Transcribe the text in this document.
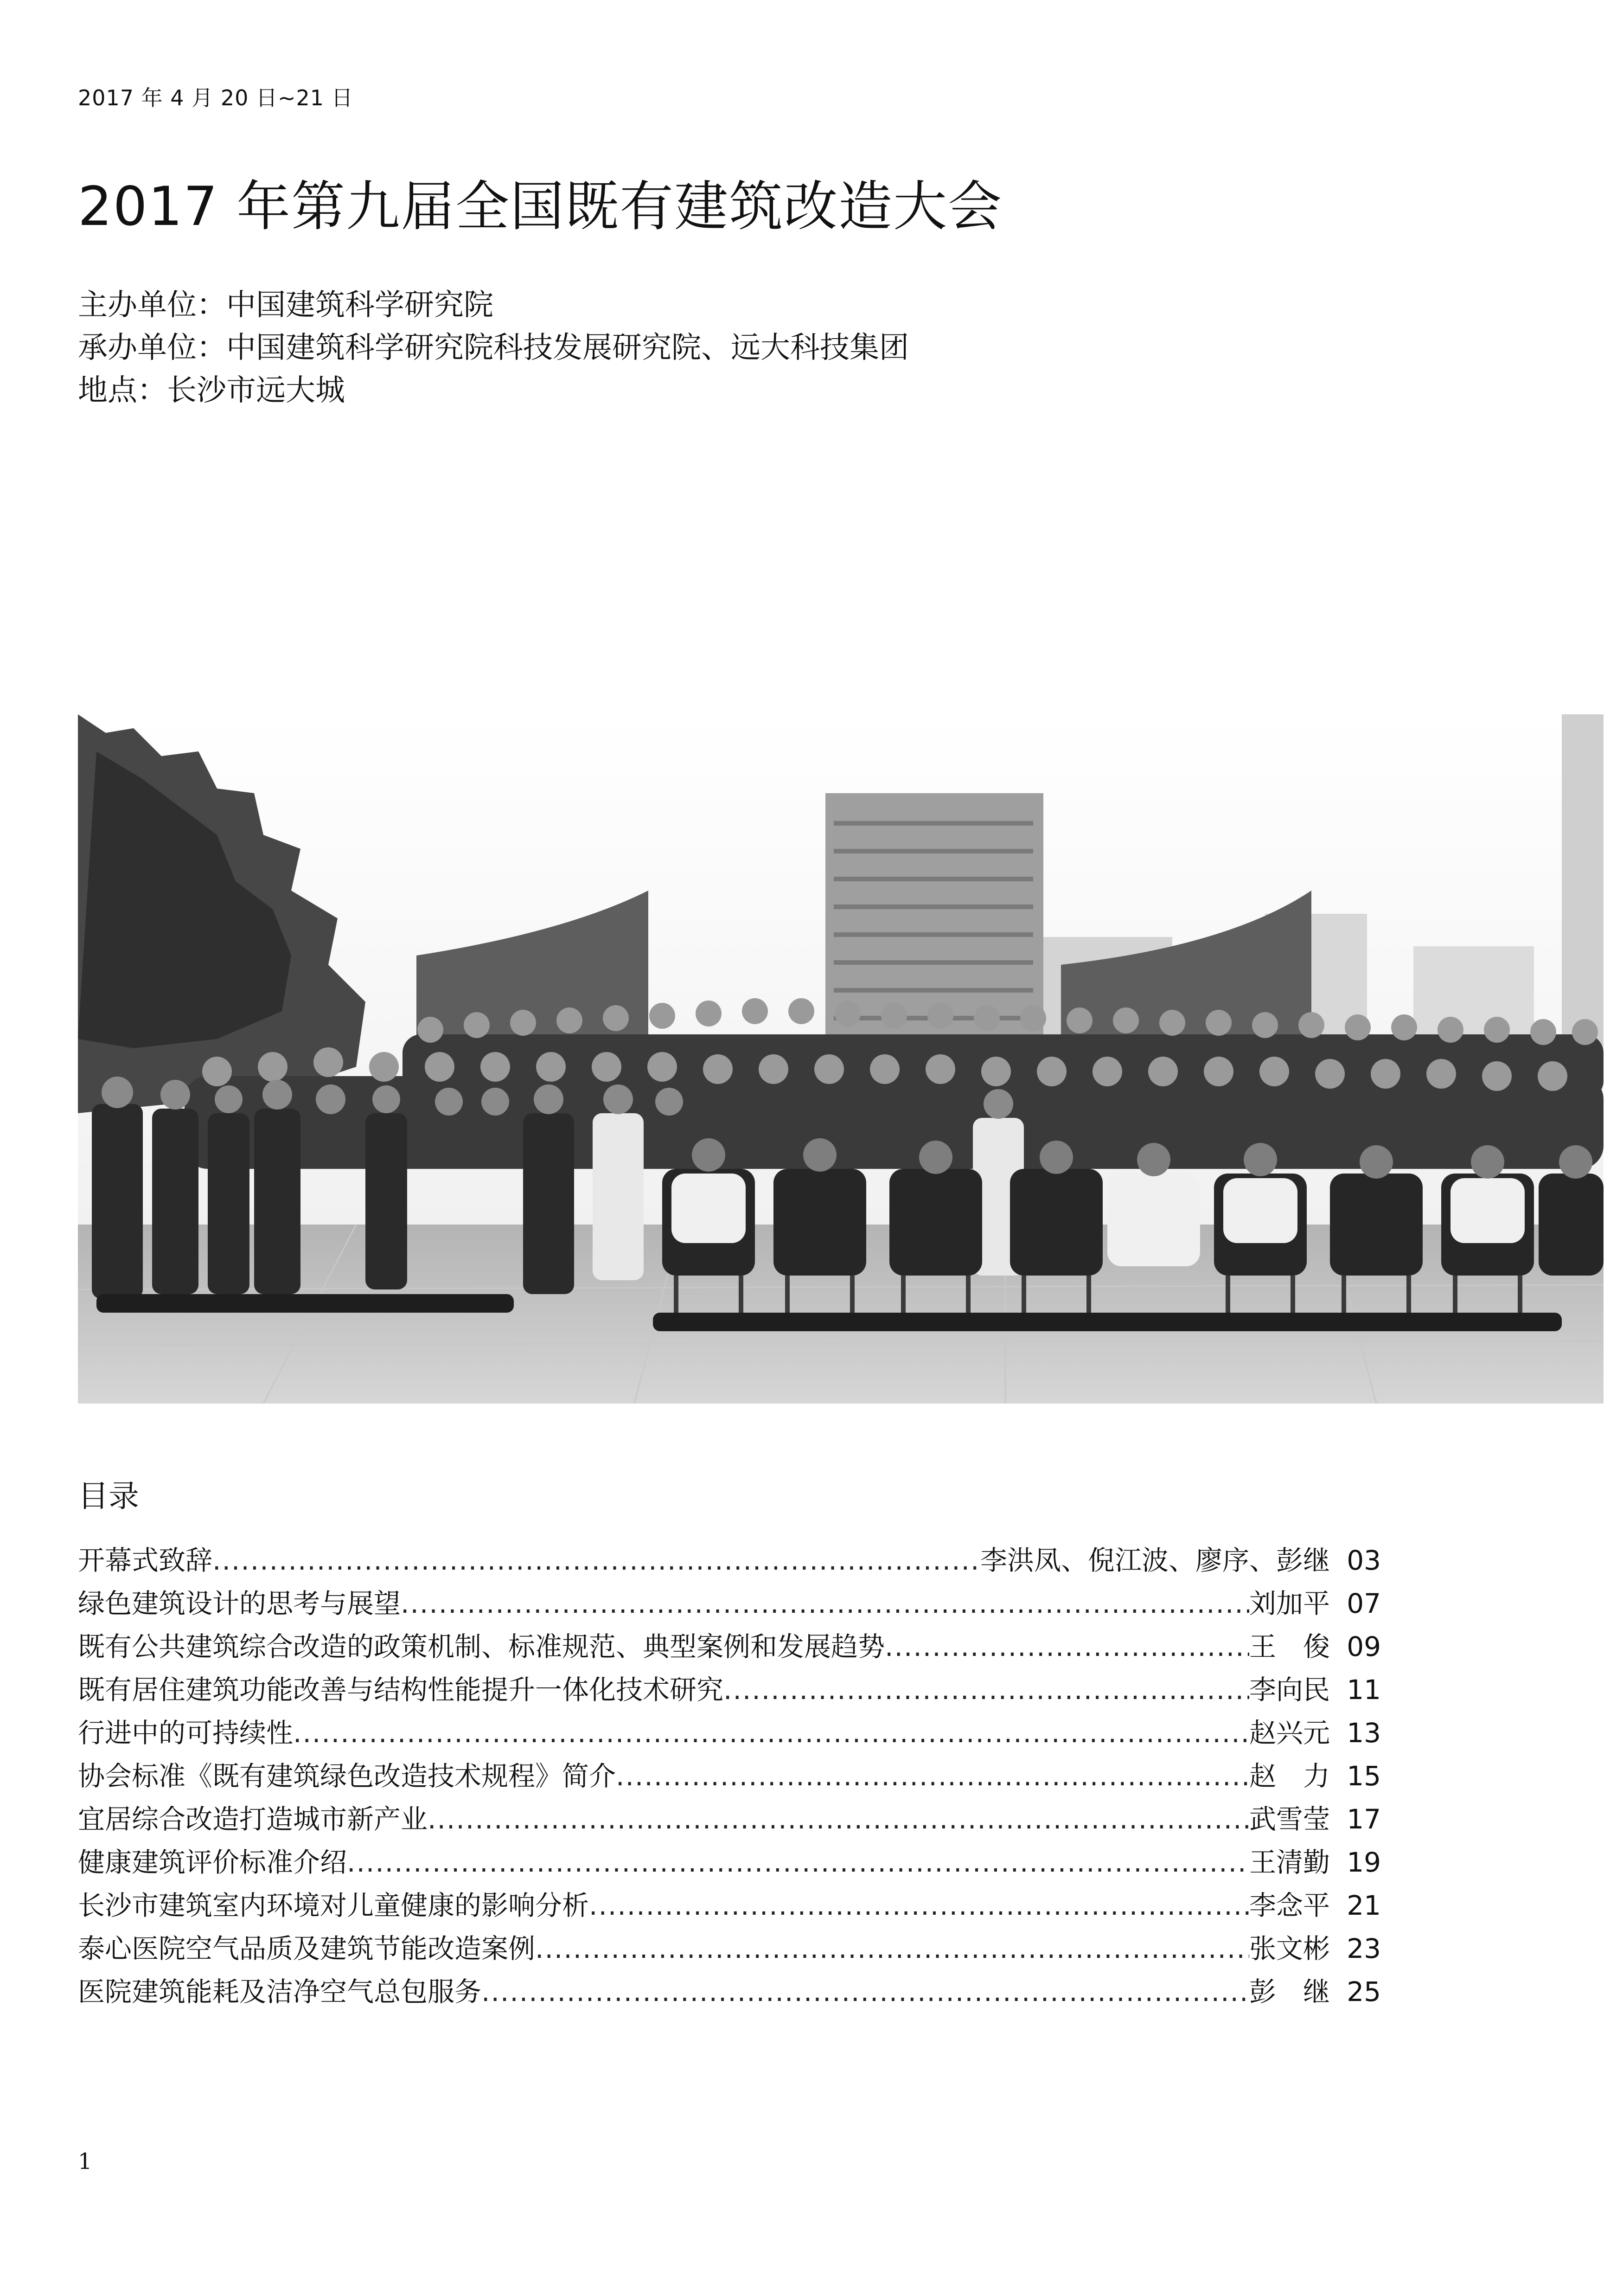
2017 年 4 月 20 日~21 日
2017 年第九届全国既有建筑改造大会
主办单位：中国建筑科学研究院
承办单位：中国建筑科学研究院科技发展研究院、远大科技集团
地点：长沙市远大城
目录
开幕式致辞 .....	李洪凤、倪江波、廖序、彭继 03
绿色建筑设计的思考与展望 .....	刘加平 07
既有公共建筑综合改造的政策机制、标准规范、典型案例和发展趋势 .....	王　俊 09
既有居住建筑功能改善与结构性能提升一体化技术研究 .....	李向民 11
行进中的可持续性 .....	赵兴元 13
协会标准《既有建筑绿色改造技术规程》简介 .....	赵　力 15
宜居综合改造打造城市新产业 .....	武雪莹 17
健康建筑评价标准介绍 .....	王清勤 19
长沙市建筑室内环境对儿童健康的影响分析 .....	李念平 21
泰心医院空气品质及建筑节能改造案例 .....	张文彬 23
医院建筑能耗及洁净空气总包服务 .....	彭　继 25
1
